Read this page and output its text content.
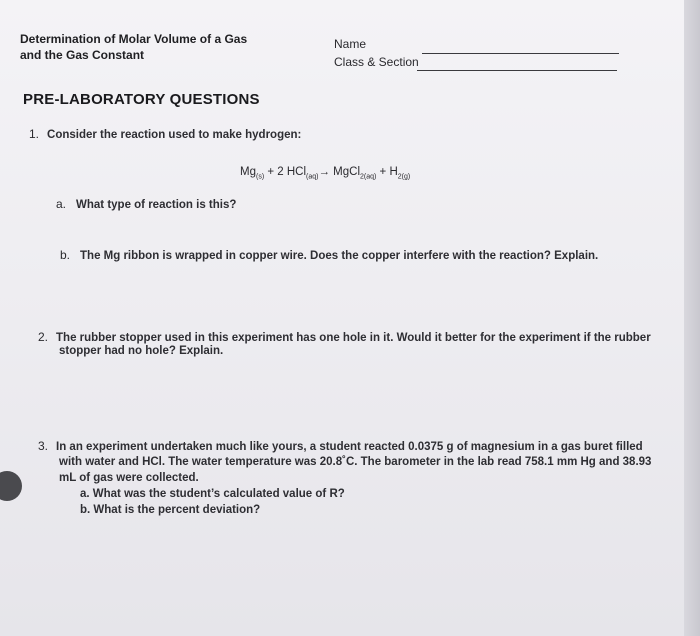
Determination of Molar Volume of a Gas
and the Gas Constant
Name
Class & Section
PRE-LABORATORY QUESTIONS
1. Consider the reaction used to make hydrogen:
$Mg_{(s)} + 2$ HCl$_{(aq)}$→ MgCl$_{2(aq)}$ + $H_{2(g)}$
a. What type of reaction is this?
b. The Mg ribbon is wrapped in copper wire. Does the copper interfere with the reaction? Explain.
2. The rubber stopper used in this experiment has one hole in it. Would it better for the experiment if the rubber
stopper had no hole? Explain.
3. In an experiment undertaken much like yours, a student reacted 0.0375 g of magnesium in a gas buret filled
with water and HCl. The water temperature was 20.8˚C. The barometer in the lab read 758.1 mm Hg and 38.93
mL of gas were collected.
a. What was the student’s calculated value of R?
b. What is the percent deviation?
